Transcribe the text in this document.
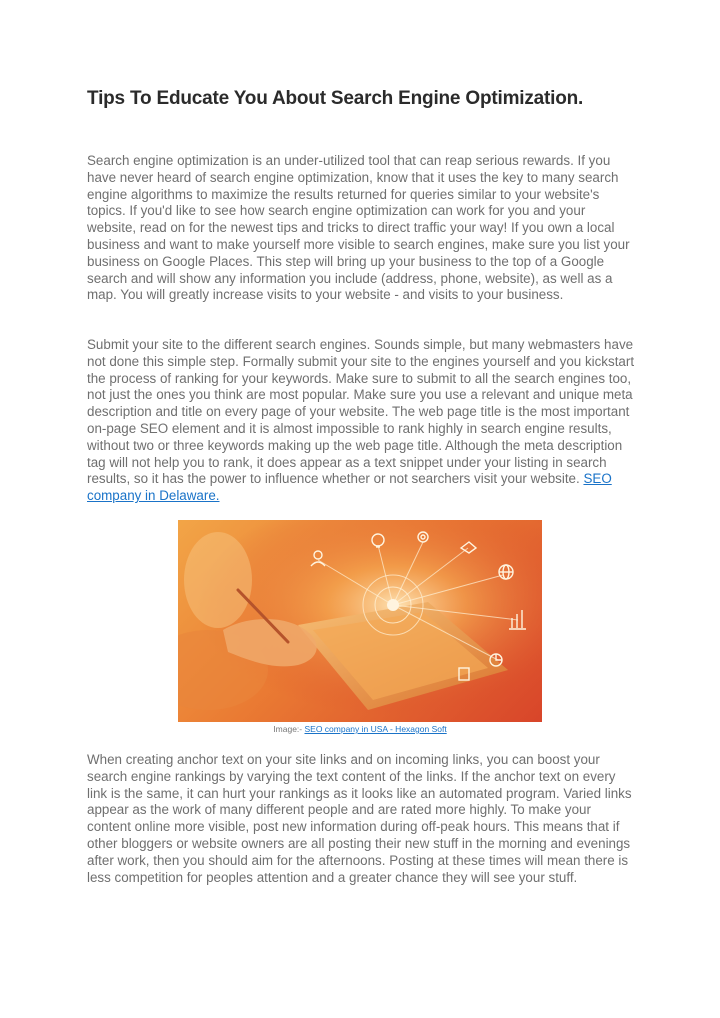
Tips To Educate You About Search Engine Optimization.

Search engine optimization is an under-utilized tool that can reap serious rewards. If you have never heard of search engine optimization, know that it uses the key to many search engine algorithms to maximize the results returned for queries similar to your website's topics. If you'd like to see how search engine optimization can work for you and your website, read on for the newest tips and tricks to direct traffic your way! If you own a local business and want to make yourself more visible to search engines, make sure you list your business on Google Places. This step will bring up your business to the top of a Google search and will show any information you include (address, phone, website), as well as a map. You will greatly increase visits to your website - and visits to your business.

Submit your site to the different search engines. Sounds simple, but many webmasters have not done this simple step. Formally submit your site to the engines yourself and you kickstart the process of ranking for your keywords. Make sure to submit to all the search engines too, not just the ones you think are most popular. Make sure you use a relevant and unique meta description and title on every page of your website. The web page title is the most important on-page SEO element and it is almost impossible to rank highly in search engine results, without two or three keywords making up the web page title. Although the meta description tag will not help you to rank, it does appear as a text snippet under your listing in search results, so it has the power to influence whether or not searchers visit your website. SEO company in Delaware.

When creating anchor text on your site links and on incoming links, you can boost your search engine rankings by varying the text content of the links. If the anchor text on every link is the same, it can hurt your rankings as it looks like an automated program. Varied links appear as the work of many different people and are rated more highly. To make your content online more visible, post new information during off-peak hours. This means that if other bloggers or website owners are all posting their new stuff in the morning and evenings after work, then you should aim for the afternoons. Posting at these times will mean there is less competition for peoples attention and a greater chance they will see your stuff.

Image:- SEO company in USA - Hexagon Soft
